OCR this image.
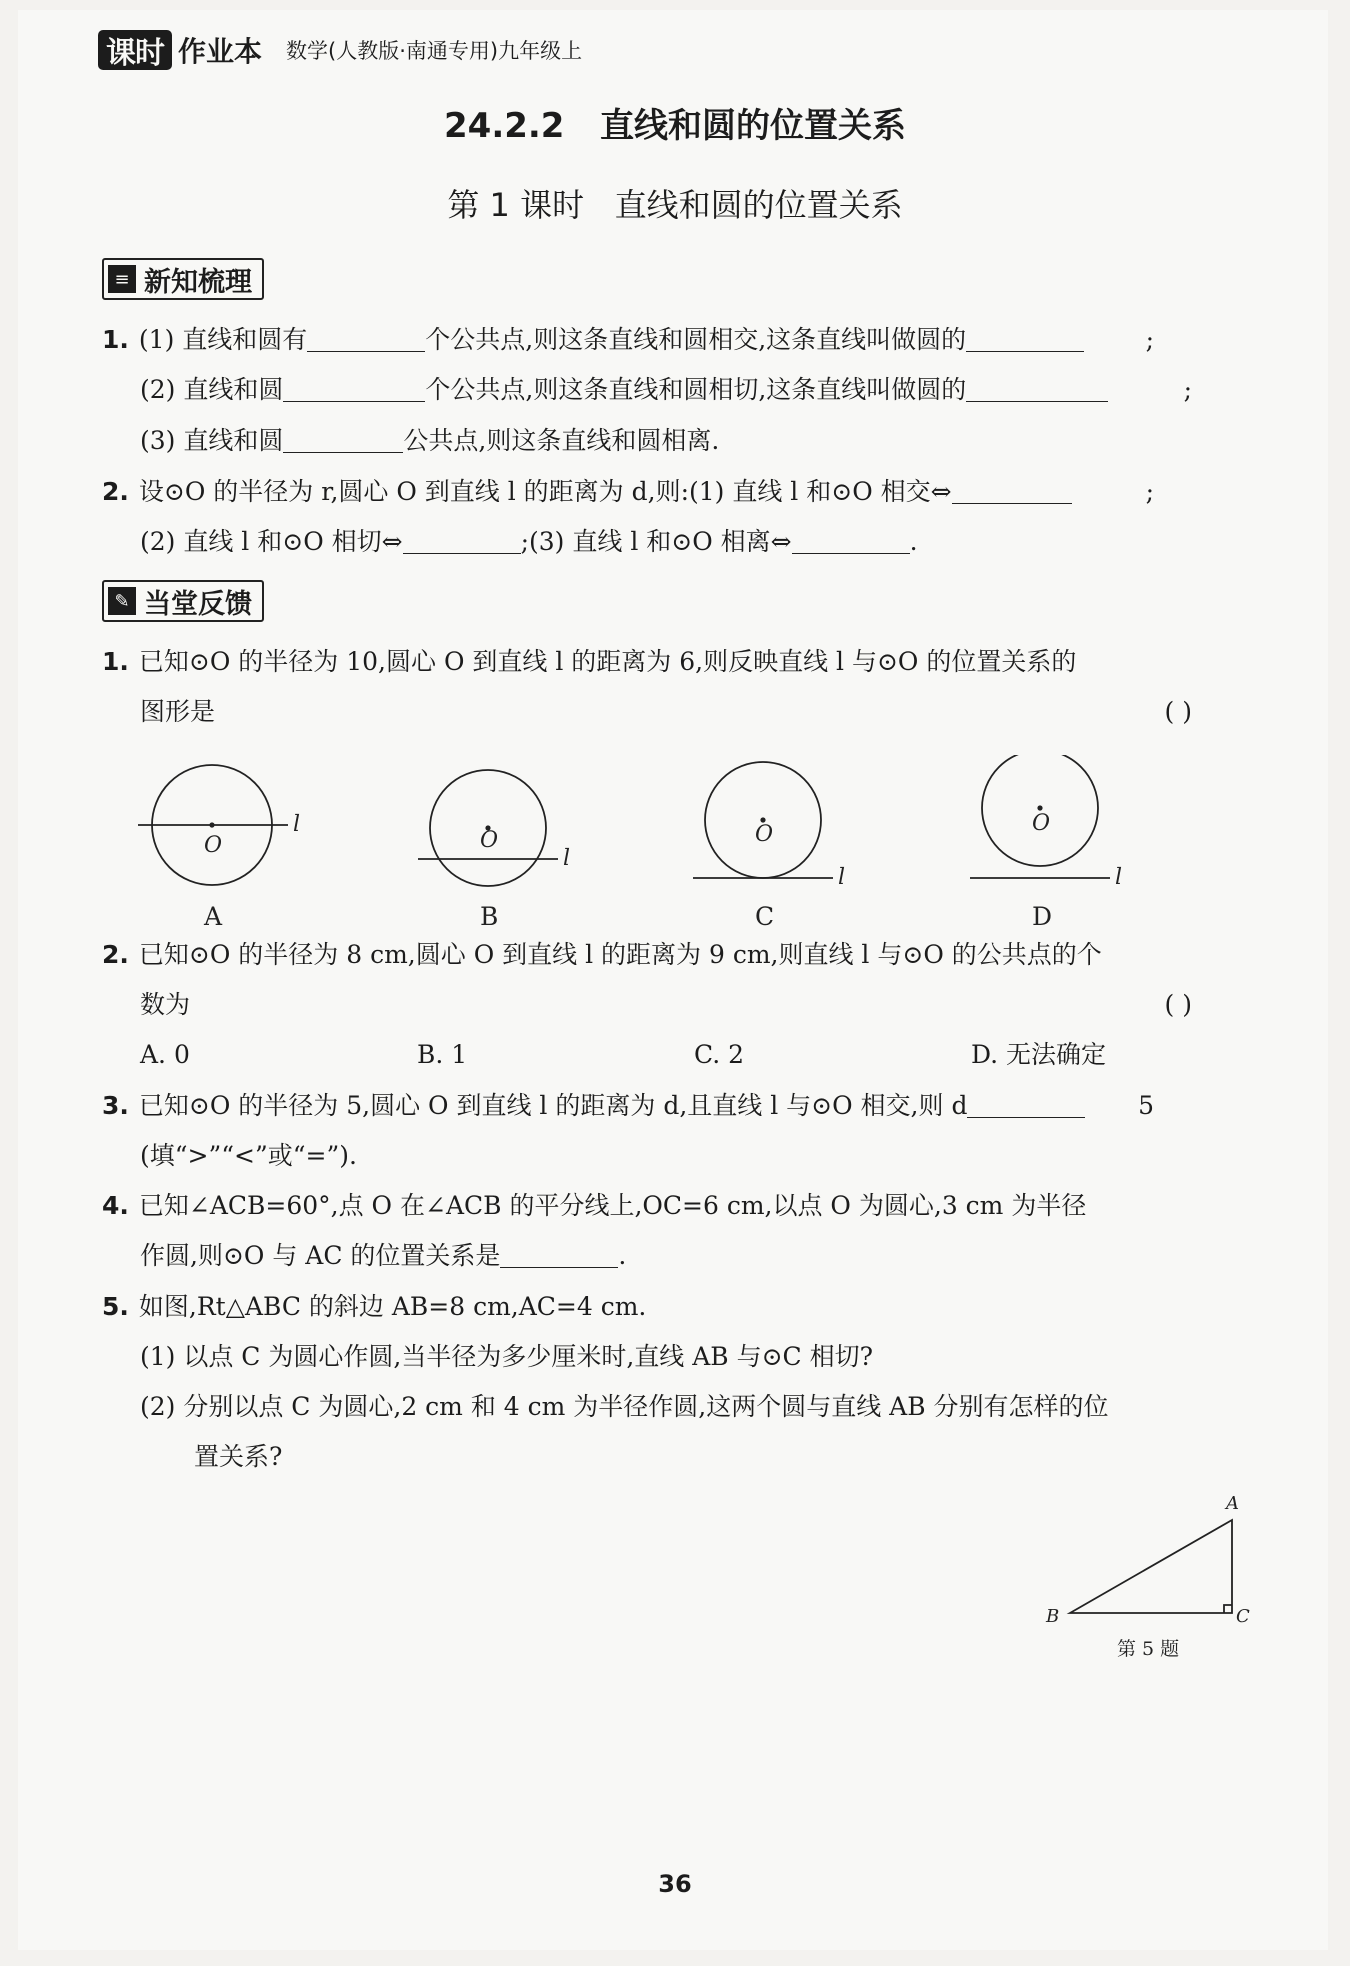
课时 作业本 数学(人教版·南通专用)九年级上
24.2.2 直线和圆的位置关系
第 1 课时 直线和圆的位置关系
≡ 新知梳理
1. (1) 直线和圆有	个公共点,则这条直线和圆相交,这条直线叫做圆的	;
(2) 直线和圆	个公共点,则这条直线和圆相切,这条直线叫做圆的	;
(3) 直线和圆	公共点,则这条直线和圆相离.
2. 设⊙O 的半径为 r,圆心 O 到直线 l 的距离为 d,则:(1) 直线 l 和⊙O 相交⇔	;
(2) 直线 l 和⊙O 相切⇔	;(3) 直线 l 和⊙O 相离⇔	.
✎ 当堂反馈
1. 已知⊙O 的半径为 10,圆心 O 到直线 l 的距离为 6,则反映直线 l 与⊙O 的位置关系的
图形是	( )
O
l
O
l
O
l
O
l
A	B	C	D
2. 已知⊙O 的半径为 8 cm,圆心 O 到直线 l 的距离为 9 cm,则直线 l 与⊙O 的公共点的个
数为	( )
A. 0	B. 1	C. 2	D. 无法确定
3. 已知⊙O 的半径为 5,圆心 O 到直线 l 的距离为 d,且直线 l 与⊙O 相交,则 d	5
(填“>”“<”或“=”).
4. 已知∠ACB=60°,点 O 在∠ACB 的平分线上,OC=6 cm,以点 O 为圆心,3 cm 为半径
作圆,则⊙O 与 AC 的位置关系是	.
5. 如图,Rt△ABC 的斜边 AB=8 cm,AC=4 cm.
(1) 以点 C 为圆心作圆,当半径为多少厘米时,直线 AB 与⊙C 相切?
(2) 分别以点 C 为圆心,2 cm 和 4 cm 为半径作圆,这两个圆与直线 AB 分别有怎样的位
置关系?
A
B	C
第 5 题
36
